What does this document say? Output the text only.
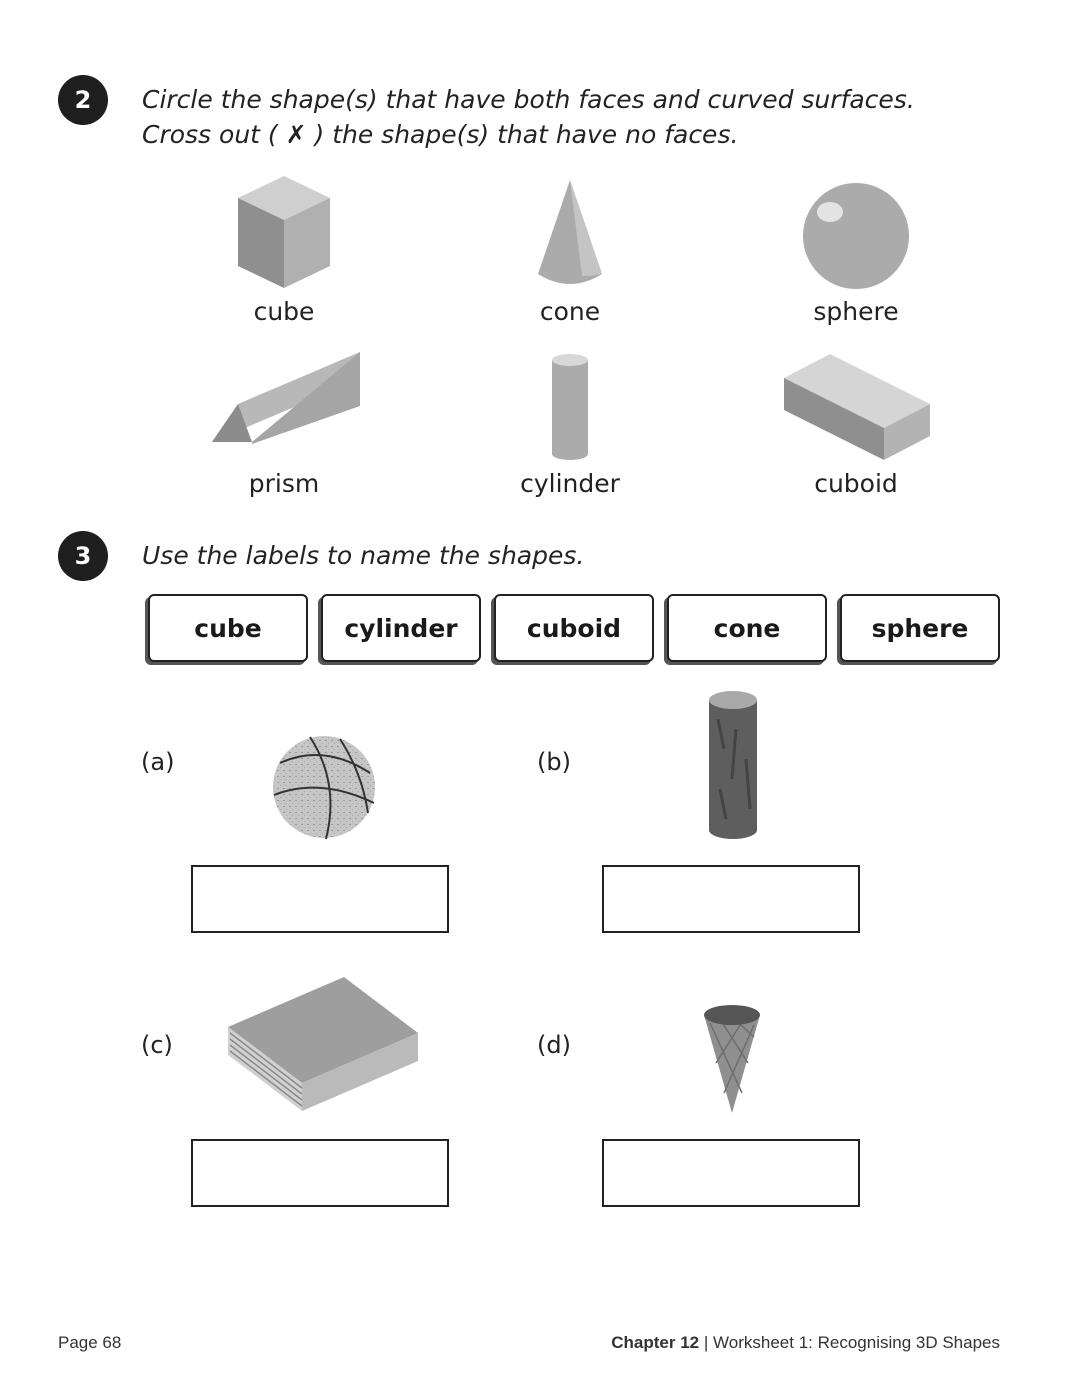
2	Circle the shape(s) that have both faces and curved surfaces.
Cross out ( ✗ ) the shape(s) that have no faces.
cube	cone	sphere
prism	cylinder	cuboid
3	Use the labels to name the shapes.
cube	cylinder	cuboid	cone	sphere
(a)	(b)
(c)	(d)
Page 68	Chapter 12 | Worksheet 1: Recognising 3D Shapes
